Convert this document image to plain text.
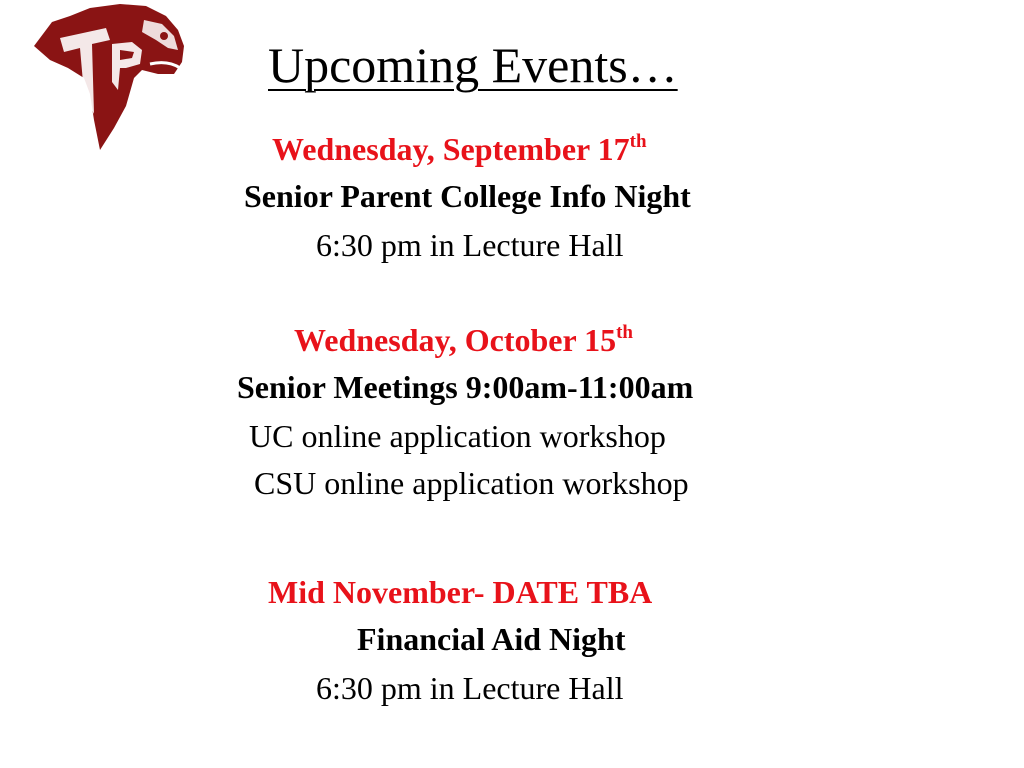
Upcoming Events…
Wednesday, September 17th
Senior Parent College Info Night
6:30 pm in Lecture Hall
Wednesday, October 15th
Senior Meetings 9:00am-11:00am
UC online application workshop
CSU online application workshop
Mid November- DATE TBA
Financial Aid Night
6:30 pm in Lecture Hall
